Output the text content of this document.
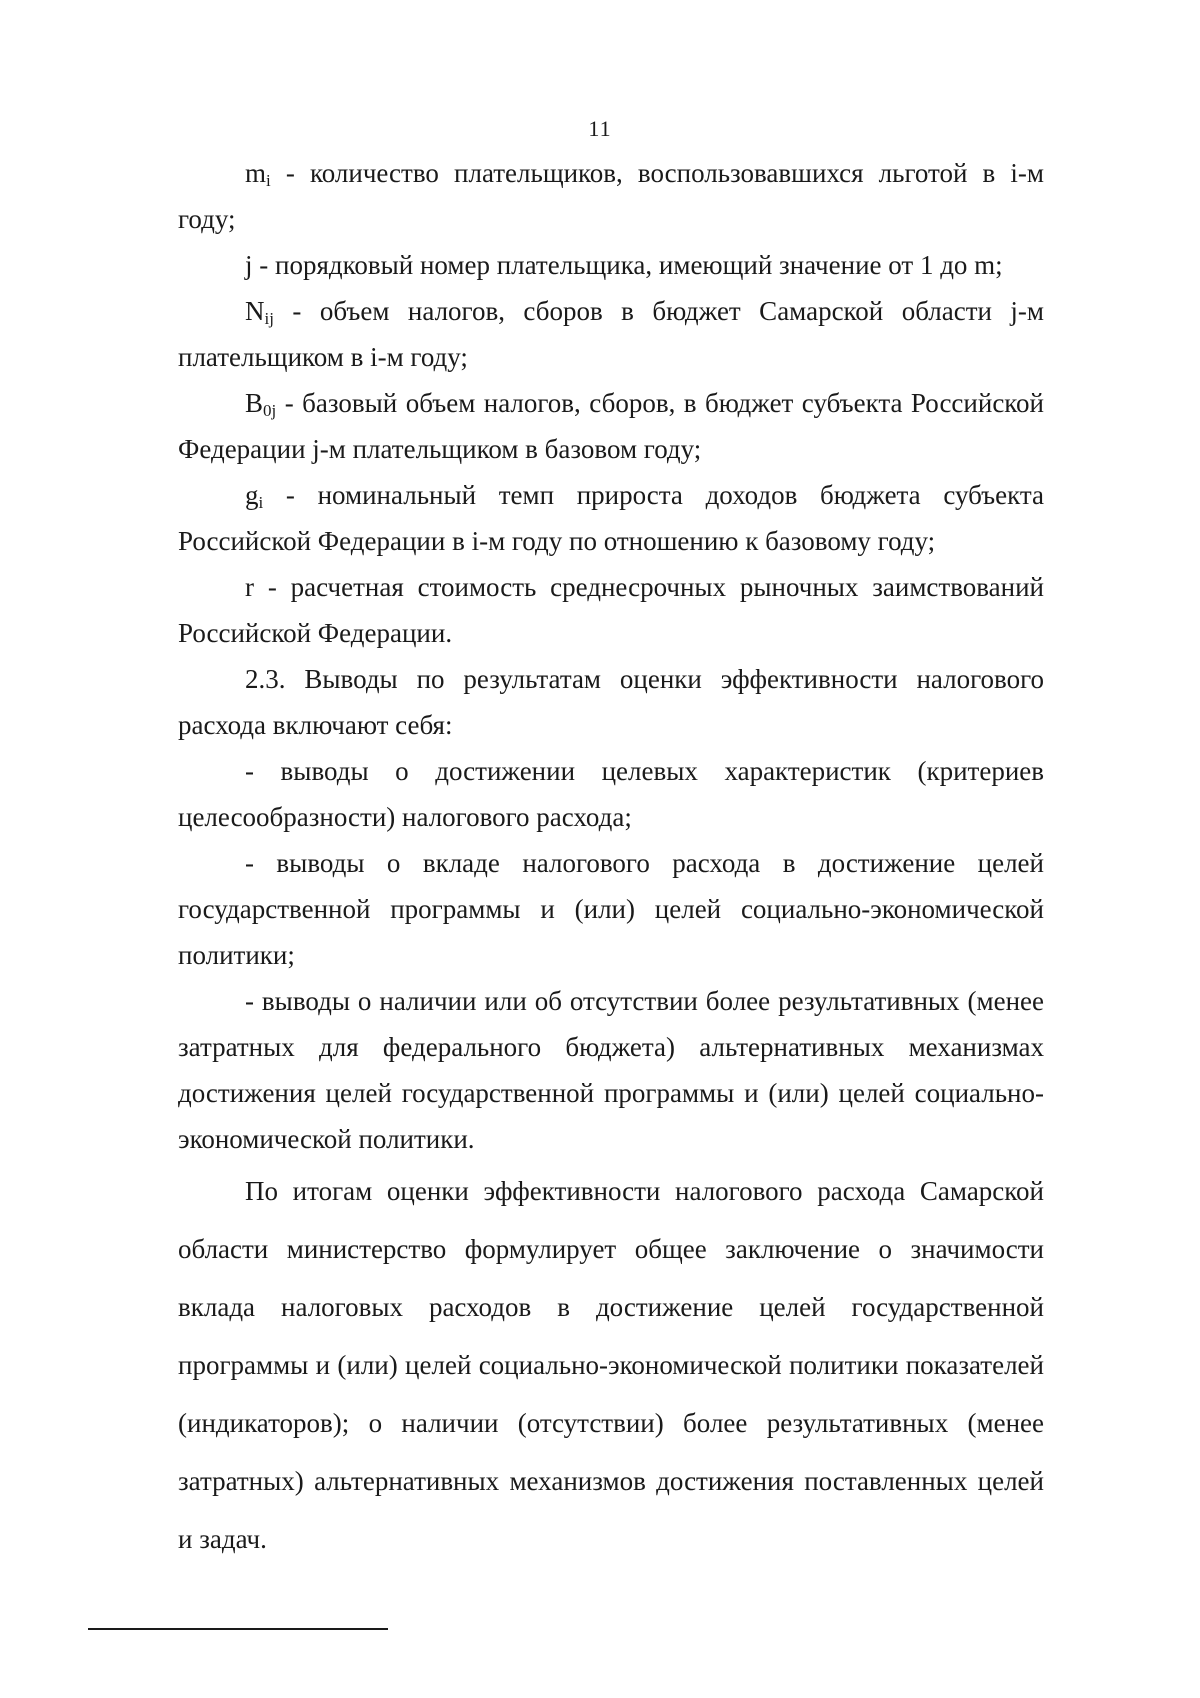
11

$m_i$ - количество плательщиков, воспользовавшихся льготой в i-м году;

j - порядковый номер плательщика, имеющий значение от 1 до m;

$N_{ij}$ - объем налогов, сборов в бюджет Самарской области j-м плательщиком в i-м году;

$B_{0j}$ - базовый объем налогов, сборов, в бюджет субъекта Российской Федерации j-м плательщиком в базовом году;

$g_i$ - номинальный темп прироста доходов бюджета субъекта Российской Федерации в i-м году по отношению к базовому году;

r - расчетная стоимость среднесрочных рыночных заимствований Российской Федерации.

2.3. Выводы по результатам оценки эффективности налогового расхода включают себя:

- выводы о достижении целевых характеристик (критериев целесообразности) налогового расхода;

- выводы о вкладе налогового расхода в достижение целей государственной программы и (или) целей социально-экономической политики;

- выводы о наличии или об отсутствии более результативных (менее затратных для федерального бюджета) альтернативных механизмах достижения целей государственной программы и (или) целей социально-экономической политики.

По итогам оценки эффективности налогового расхода Самарской области министерство формулирует общее заключение о значимости вклада налоговых расходов в достижение целей государственной программы и (или) целей социально-экономической политики показателей (индикаторов); о наличии (отсутствии) более результативных (менее затратных) альтернативных механизмов достижения поставленных целей и задач.
